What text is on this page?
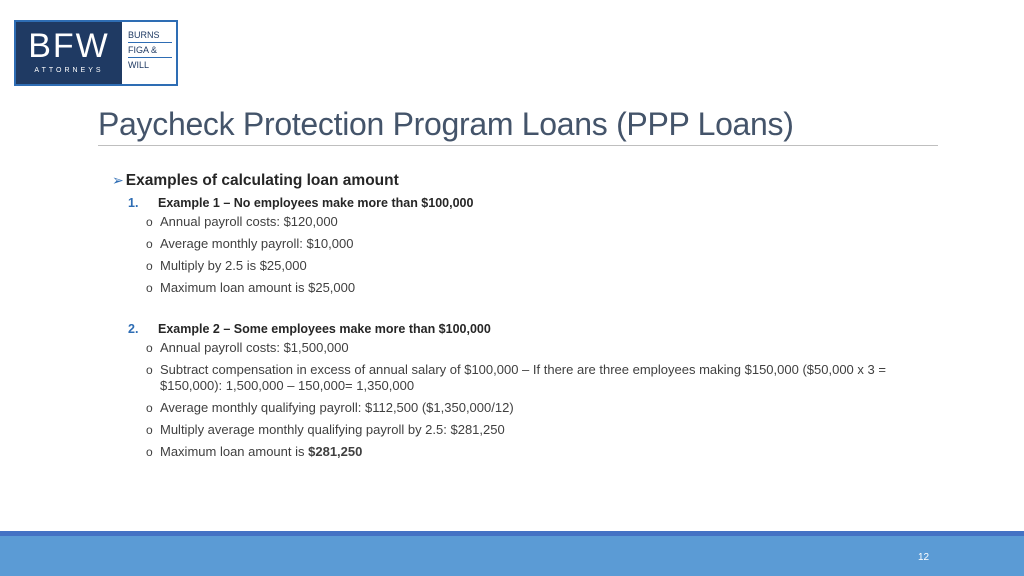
BFW
ATTORNEYS
BURNS
FIGA &
WILL
Paycheck Protection Program Loans (PPP Loans)
➢ Examples of calculating loan amount
1. Example 1 – No employees make more than $100,000
o Annual payroll costs: $120,000
o Average monthly payroll: $10,000
o Multiply by 2.5 is $25,000
o Maximum loan amount is $25,000
2. Example 2 – Some employees make more than $100,000
o Annual payroll costs: $1,500,000
o Subtract compensation in excess of annual salary of $100,000 – If there are three employees making $150,000 ($50,000 x 3 = $150,000): 1,500,000 – 150,000= 1,350,000
o Average monthly qualifying payroll: $112,500 ($1,350,000/12)
o Multiply average monthly qualifying payroll by 2.5: $281,250
o Maximum loan amount is $281,250
12
